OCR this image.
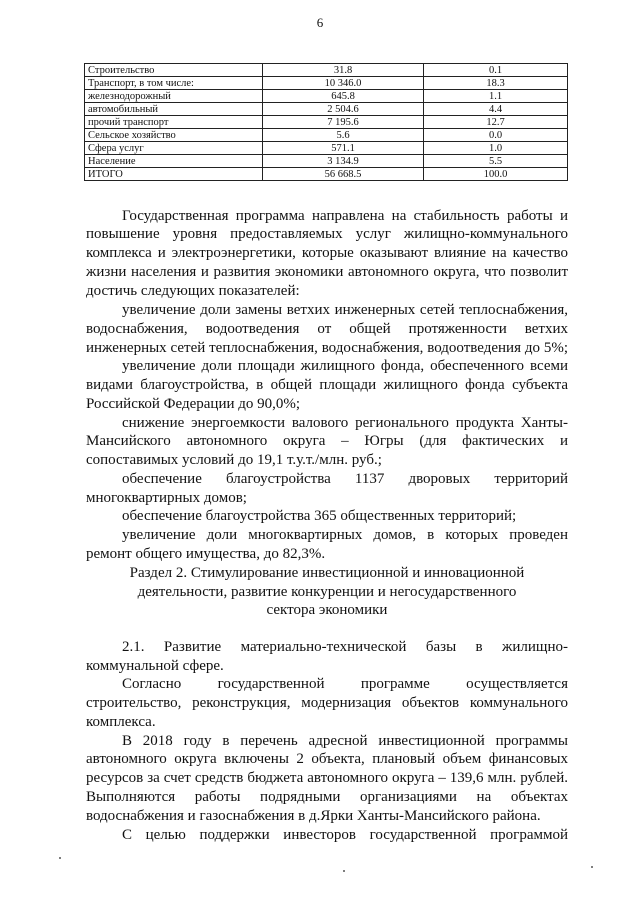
6
Строительство	31.8	0.1
Транспорт, в том числе:	10 346.0	18.3
железнодорожный	645.8	1.1
автомобильный	2 504.6	4.4
прочий транспорт	7 195.6	12.7
Сельское хозяйство	5.6	0.0
Сфера услуг	571.1	1.0
Население	3 134.9	5.5
ИТОГО	56 668.5	100.0
Государственная программа направлена на стабильность работы и
повышение уровня предоставляемых услуг жилищно-коммунального
комплекса и электроэнергетики, которые оказывают влияние на качество
жизни населения и развития экономики автономного округа, что позволит
достичь следующих показателей:
увеличение доли замены ветхих инженерных сетей теплоснабжения,
водоснабжения, водоотведения от общей протяженности ветхих
инженерных сетей теплоснабжения, водоснабжения, водоотведения до 5%;
увеличение доли площади жилищного фонда, обеспеченного всеми
видами благоустройства, в общей площади жилищного фонда субъекта
Российской Федерации до 90,0%;
снижение энергоемкости валового регионального продукта Ханты-
Мансийского автономного округа – Югры (для фактических и
сопоставимых условий до 19,1 т.у.т./млн. руб.;
обеспечение благоустройства 1137 дворовых территорий
многоквартирных домов;
обеспечение благоустройства 365 общественных территорий;
увеличение доли многоквартирных домов, в которых проведен
ремонт общего имущества, до 82,3%.
Раздел 2. Стимулирование инвестиционной и инновационной
деятельности, развитие конкуренции и негосударственного
сектора экономики
2.1. Развитие материально-технической базы в жилищно-
коммунальной сфере.
Согласно государственной программе осуществляется
строительство, реконструкция, модернизация объектов коммунального
комплекса.
В 2018 году в перечень адресной инвестиционной программы
автономного округа включены 2 объекта, плановый объем финансовых
ресурсов за счет средств бюджета автономного округа – 139,6 млн. рублей.
Выполняются работы подрядными организациями на объектах
водоснабжения и газоснабжения в д.Ярки Ханты-Мансийского района.
С целью поддержки инвесторов государственной программой
